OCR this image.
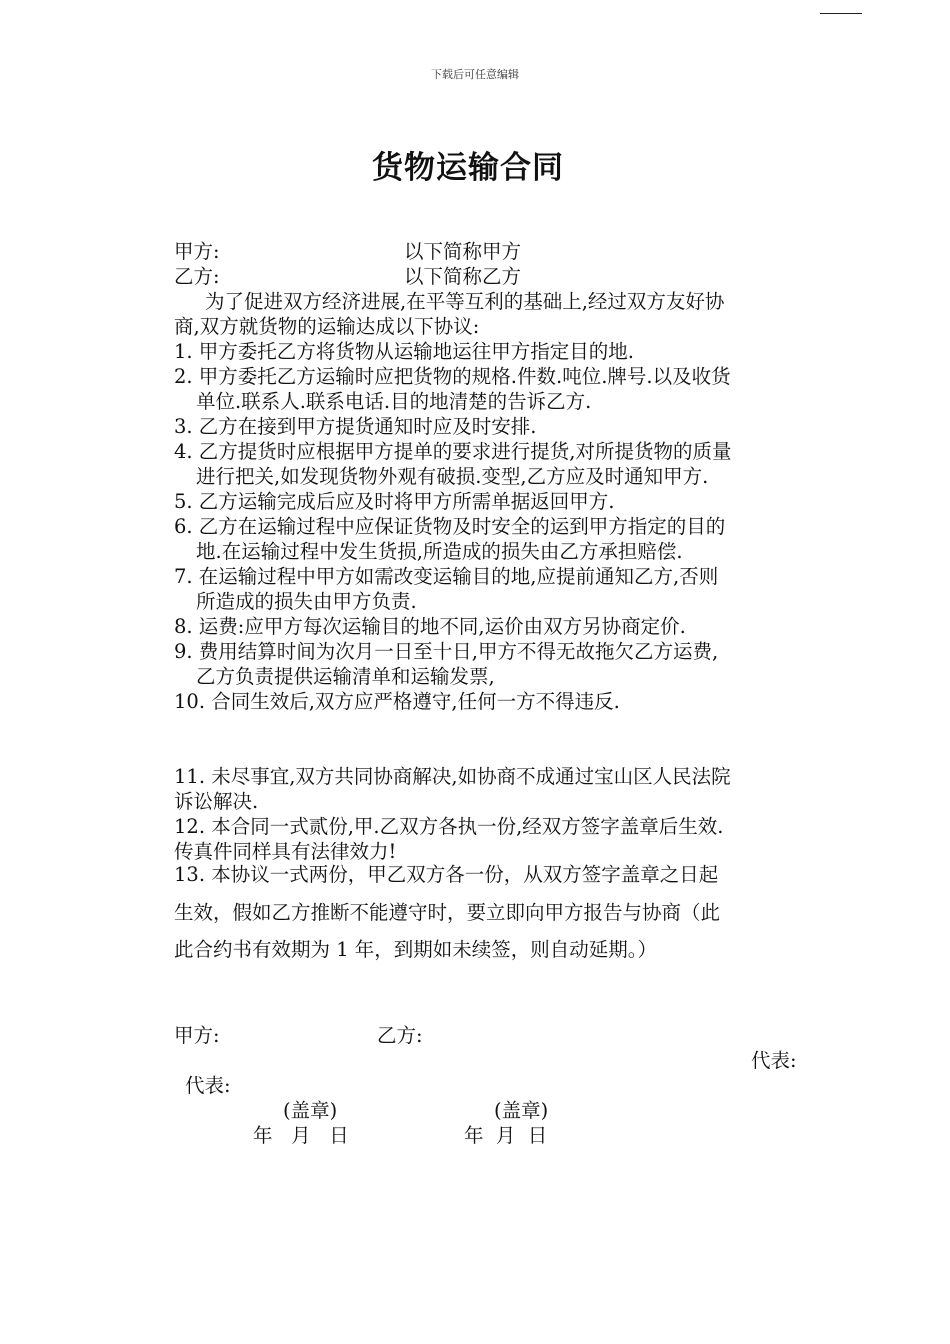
下载后可任意编辑
货物运输合同
甲方:	以下简称甲方
乙方:	以下简称乙方
为了促进双方经济进展,在平等互利的基础上,经过双方友好协
商,双方就货物的运输达成以下协议:
1. 甲方委托乙方将货物从运输地运往甲方指定目的地.
2. 甲方委托乙方运输时应把货物的规格.件数.吨位.牌号.以及收货
单位.联系人.联系电话.目的地清楚的告诉乙方.
3. 乙方在接到甲方提货通知时应及时安排.
4. 乙方提货时应根据甲方提单的要求进行提货,对所提货物的质量
进行把关,如发现货物外观有破损.变型,乙方应及时通知甲方.
5. 乙方运输完成后应及时将甲方所需单据返回甲方.
6. 乙方在运输过程中应保证货物及时安全的运到甲方指定的目的
地.在运输过程中发生货损,所造成的损失由乙方承担赔偿.
7. 在运输过程中甲方如需改变运输目的地,应提前通知乙方,否则
所造成的损失由甲方负责.
8. 运费:应甲方每次运输目的地不同,运价由双方另协商定价.
9. 费用结算时间为次月一日至十日,甲方不得无故拖欠乙方运费,
乙方负责提供运输清单和运输发票,
10. 合同生效后,双方应严格遵守,任何一方不得违反.
11. 未尽事宜,双方共同协商解决,如协商不成通过宝山区人民法院
诉讼解决.
12. 本合同一式贰份,甲.乙双方各执一份,经双方签字盖章后生效.
传真件同样具有法律效力!
13. 本协议一式两份，甲乙双方各一份，从双方签字盖章之日起
生效，假如乙方推断不能遵守时，要立即向甲方报告与协商（此
此合约书有效期为 1 年，到期如未续签，则自动延期。）
甲方:	乙方:
代表:
代表:
(盖章)	(盖章)
年   月   日	年  月  日
